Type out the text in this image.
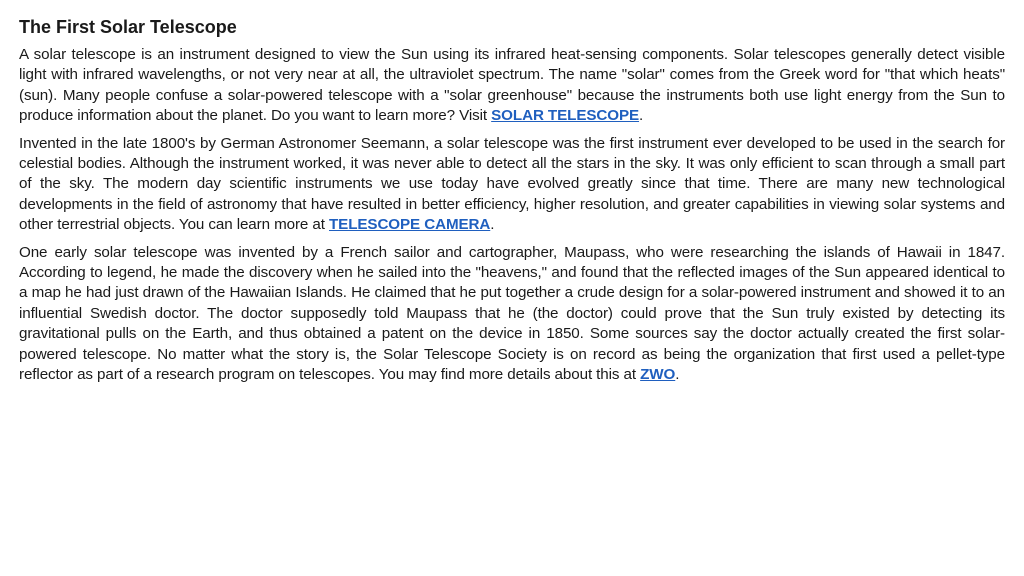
The First Solar Telescope

A solar telescope is an instrument designed to view the Sun using its infrared heat-sensing components. Solar telescopes generally detect visible light with infrared wavelengths, or not very near at all, the ultraviolet spectrum. The name "solar" comes from the Greek word for "that which heats" (sun). Many people confuse a solar-powered telescope with a "solar greenhouse" because the instruments both use light energy from the Sun to produce information about the planet. Do you want to learn more? Visit SOLAR TELESCOPE.

Invented in the late 1800's by German Astronomer Seemann, a solar telescope was the first instrument ever developed to be used in the search for celestial bodies. Although the instrument worked, it was never able to detect all the stars in the sky. It was only efficient to scan through a small part of the sky. The modern day scientific instruments we use today have evolved greatly since that time. There are many new technological developments in the field of astronomy that have resulted in better efficiency, higher resolution, and greater capabilities in viewing solar systems and other terrestrial objects. You can learn more at TELESCOPE CAMERA.

One early solar telescope was invented by a French sailor and cartographer, Maupass, who were researching the islands of Hawaii in 1847. According to legend, he made the discovery when he sailed into the "heavens," and found that the reflected images of the Sun appeared identical to a map he had just drawn of the Hawaiian Islands. He claimed that he put together a crude design for a solar-powered instrument and showed it to an influential Swedish doctor. The doctor supposedly told Maupass that he (the doctor) could prove that the Sun truly existed by detecting its gravitational pulls on the Earth, and thus obtained a patent on the device in 1850. Some sources say the doctor actually created the first solar-powered telescope. No matter what the story is, the Solar Telescope Society is on record as being the organization that first used a pellet-type reflector as part of a research program on telescopes. You may find more details about this at ZWO.
